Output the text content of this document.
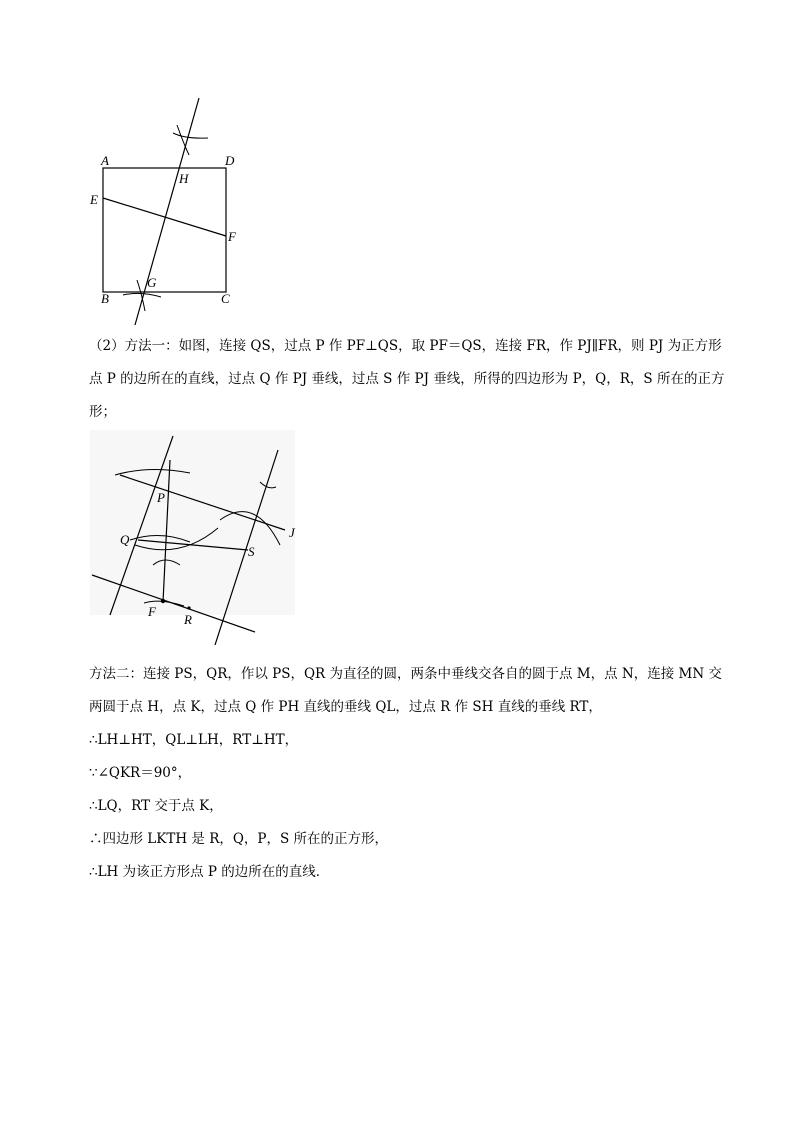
A	D
H
E
F
G
B	C
（2）方法一：如图，连接 QS，过点 P 作 PF⊥QS，取 PF＝QS，连接 FR，作 PJ∥FR，则 PJ 为正方形
点 P 的边所在的直线，过点 Q 作 PJ 垂线，过点 S 作 PJ 垂线，所得的四边形为 P，Q，R，S 所在的正方
形；
P
J
Q
S
F
R
方法二：连接 PS，QR，作以 PS，QR 为直径的圆，两条中垂线交各自的圆于点 M，点 N，连接 MN 交
两圆于点 H，点 K，过点 Q 作 PH 直线的垂线 QL，过点 R 作 SH 直线的垂线 RT，
∴LH⊥HT，QL⊥LH，RT⊥HT，
∵∠QKR＝90°，
∴LQ，RT 交于点 K，
∴四边形 LKTH 是 R，Q，P，S 所在的正方形，
∴LH 为该正方形点 P 的边所在的直线．
